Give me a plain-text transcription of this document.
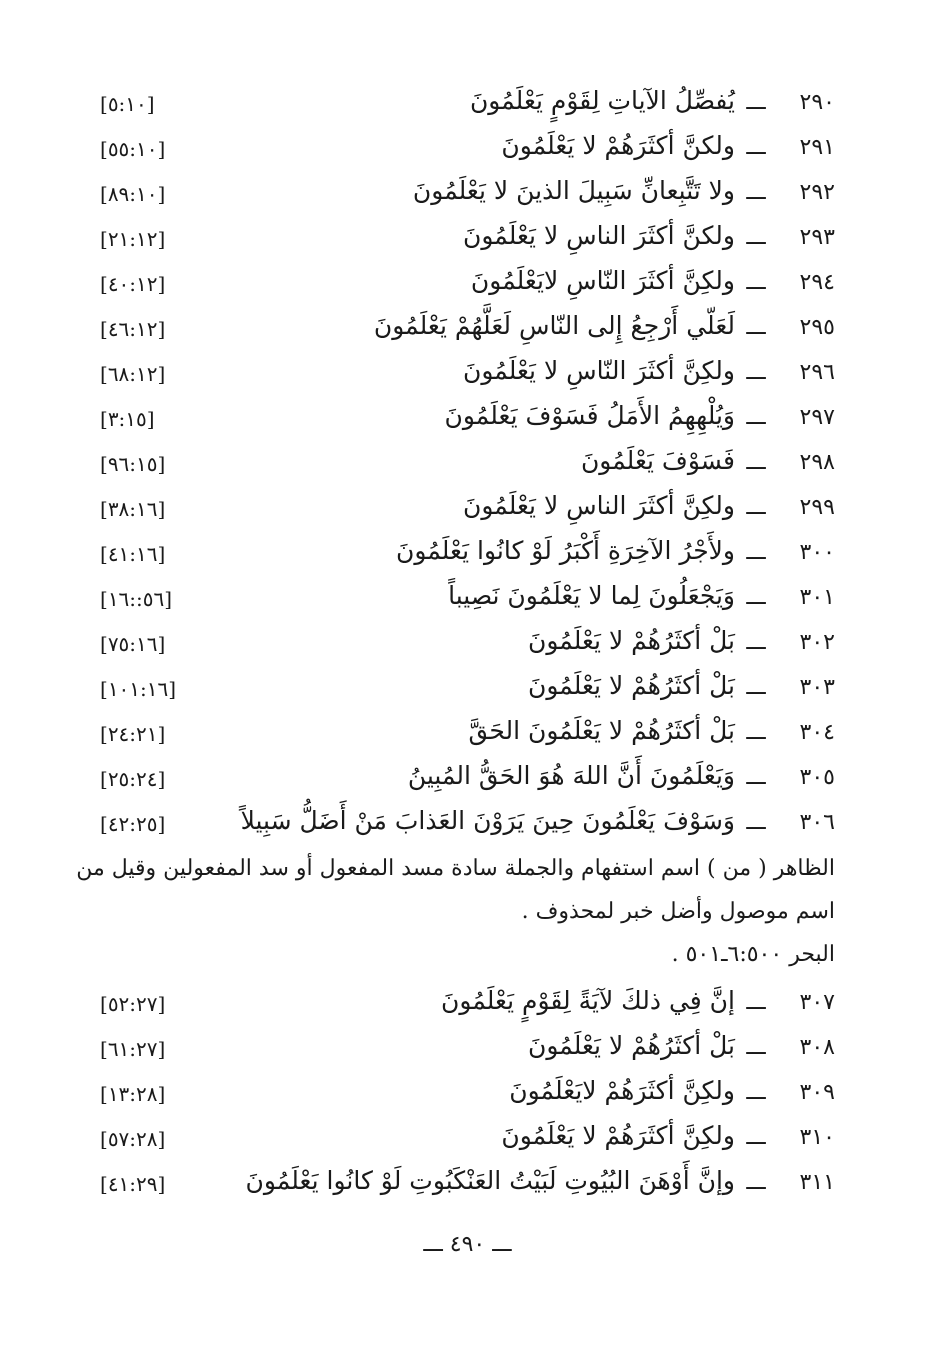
٢٩٠
ـــ
يُفصِّلُ الآياتِ لِقَوْمٍ يَعْلَمُونَ
[٥:١٠]
٢٩١
ـــ
ولكنَّ أكثَرَهُمْ لا يَعْلَمُونَ
[٥٥:١٠]
٢٩٢
ـــ
ولا تَتَّبِعانِّ سَبِيلَ الذينَ لا يَعْلَمُونَ
[٨٩:١٠]
٢٩٣
ـــ
ولكنَّ أكثَرَ الناسِ لا يَعْلَمُونَ
[٢١:١٢]
٢٩٤
ـــ
ولكِنَّ أكثَرَ النّاسِ لايَعْلَمُونَ
[٤٠:١٢]
٢٩٥
ـــ
لَعَلّي أَرْجِعُ إِلى النّاسِ لَعَلَّهُمْ يَعْلَمُونَ
[٤٦:١٢]
٢٩٦
ـــ
ولكِنَّ أكثَرَ النّاسِ لا يَعْلَمُونَ
[٦٨:١٢]
٢٩٧
ـــ
وَيُلْهِهِمُ الأَمَلُ فَسَوْفَ يَعْلَمُونَ
[٣:١٥]
٢٩٨
ـــ
فَسَوْفَ يَعْلَمُونَ
[٩٦:١٥]
٢٩٩
ـــ
ولكِنَّ أكثَرَ الناسِ لا يَعْلَمُونَ
[٣٨:١٦]
٣٠٠
ـــ
ولأَجْرُ الآخِرَةِ أَكْبَرُ لَوْ كانُوا يَعْلَمُونَ
[٤١:١٦]
٣٠١
ـــ
وَيَجْعَلُونَ لِما لا يَعْلَمُونَ نَصِيباً
[٥٦::١٦]
٣٠٢
ـــ
بَلْ أكثَرُهُمْ لا يَعْلَمُونَ
[٧٥:١٦]
٣٠٣
ـــ
بَلْ أكثَرُهُمْ لا يَعْلَمُونَ
[١٠١:١٦]
٣٠٤
ـــ
بَلْ أكثَرُهُمْ لا يَعْلَمُونَ الحَقَّ
[٢٤:٢١]
٣٠٥
ـــ
وَيَعْلَمُونَ أَنَّ اللهَ هُوَ الحَقُّ المُبِينُ
[٢٥:٢٤]
٣٠٦
ـــ
وَسَوْفَ يَعْلَمُونَ حِينَ يَرَوْنَ العَذابَ مَنْ أَضَلُّ سَبِيلاً
[٤٢:٢٥]
الظاهر ( من ) اسم استفهام والجملة سادة مسد المفعول أو سد المفعولين وقيل من
اسم موصول وأضل خبر لمحذوف .
البحر ٦:٥٠٠ـ٥٠١ .
٣٠٧
ـــ
إنَّ فِي ذلكَ لآيَةً لِقَوْمٍ يَعْلَمُونَ
[٥٢:٢٧]
٣٠٨
ـــ
بَلْ أكثَرُهُمْ لا يَعْلَمُونَ
[٦١:٢٧]
٣٠٩
ـــ
ولكِنَّ أكثَرَهُمْ لايَعْلَمُونَ
[١٣:٢٨]
٣١٠
ـــ
ولكِنَّ أكثَرَهُمْ لا يَعْلَمُونَ
[٥٧:٢٨]
٣١١
ـــ
وإنَّ أَوْهَنَ البُيُوتِ لَبَيْتُ العَنْكَبُوتِ لَوْ كانُوا يَعْلَمُونَ
[٤١:٢٩]
ـــ ٤٩٠ ـــ
